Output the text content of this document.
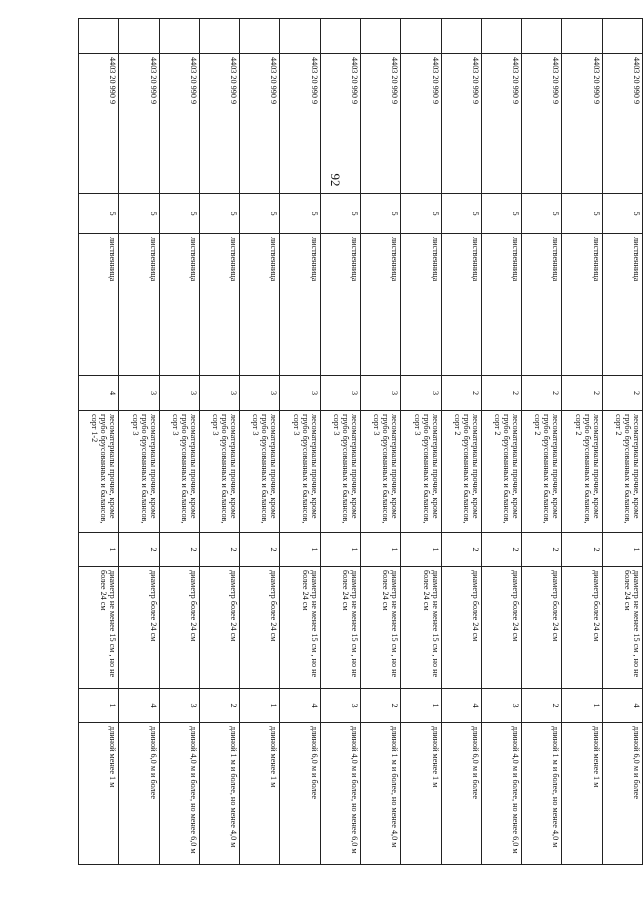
92
	4403 20 990 9	5	лиственница	2	лесоматериалы прочие, кроме грубо брусованных и балансов, сорт 2	1	диаметр не менее 15 см , но не более 24 см	4	длиной 6,0 м и более
	4403 20 990 9	5	лиственница	2	лесоматериалы прочие, кроме грубо брусованных и балансов, сорт 2	2	диаметр более 24 см	1	длиной менее 1 м
	4403 20 990 9	5	лиственница	2	лесоматериалы прочие, кроме грубо брусованных и балансов, сорт 2	2	диаметр более 24 см	2	длиной 1 м и более, но менее 4,0 м
	4403 20 990 9	5	лиственница	2	лесоматериалы прочие, кроме грубо брусованных и балансов, сорт 2	2	диаметр более 24 см	3	длиной 4,0 м и более, но менее 6,0 м
	4403 20 990 9	5	лиственница	2	лесоматериалы прочие, кроме грубо брусованных и балансов, сорт 2	2	диаметр более 24 см	4	длиной 6,0 м и более
	4403 20 990 9	5	лиственница	3	лесоматериалы прочие, кроме грубо брусованных и балансов, сорт 3	1	диаметр не менее 15 см , но не более 24 см	1	длиной менее 1 м
	4403 20 990 9	5	лиственница	3	лесоматериалы прочие, кроме грубо брусованных и балансов, сорт 3	1	диаметр не менее 15 см , но не более 24 см	2	длиной 1 м и более, но менее 4,0 м
	4403 20 990 9	5	лиственница	3	лесоматериалы прочие, кроме грубо брусованных и балансов, сорт 3	1	диаметр не менее 15 см , но не более 24 см	3	длиной 4,0 м и более, но менее 6,0 м
	4403 20 990 9	5	лиственница	3	лесоматериалы прочие, кроме грубо брусованных и балансов, сорт 3	1	диаметр не менее 15 см , но не более 24 см	4	длиной 6,0 м и более
	4403 20 990 9	5	лиственница	3	лесоматериалы прочие, кроме грубо брусованных и балансов, сорт 3	2	диаметр более 24 см	1	длиной менее 1 м
	4403 20 990 9	5	лиственница	3	лесоматериалы прочие, кроме грубо брусованных и балансов, сорт 3	2	диаметр более 24 см	2	длиной 1 м и более, но менее 4,0 м
	4403 20 990 9	5	лиственница	3	лесоматериалы прочие, кроме грубо брусованных и балансов, сорт 3	2	диаметр более 24 см	3	длиной 4,0 м и более, но менее 6,0 м
	4403 20 990 9	5	лиственница	3	лесоматериалы прочие, кроме грубо брусованных и балансов, сорт 3	2	диаметр более 24 см	4	длиной 6,0 м и более
	4403 20 990 9	5	лиственница	4	лесоматериалы прочие, кроме грубо брусованных и балансов, сорт 1-2	1	диаметр не менее 15 см , но не более 24 см	1	длиной менее 1 м
